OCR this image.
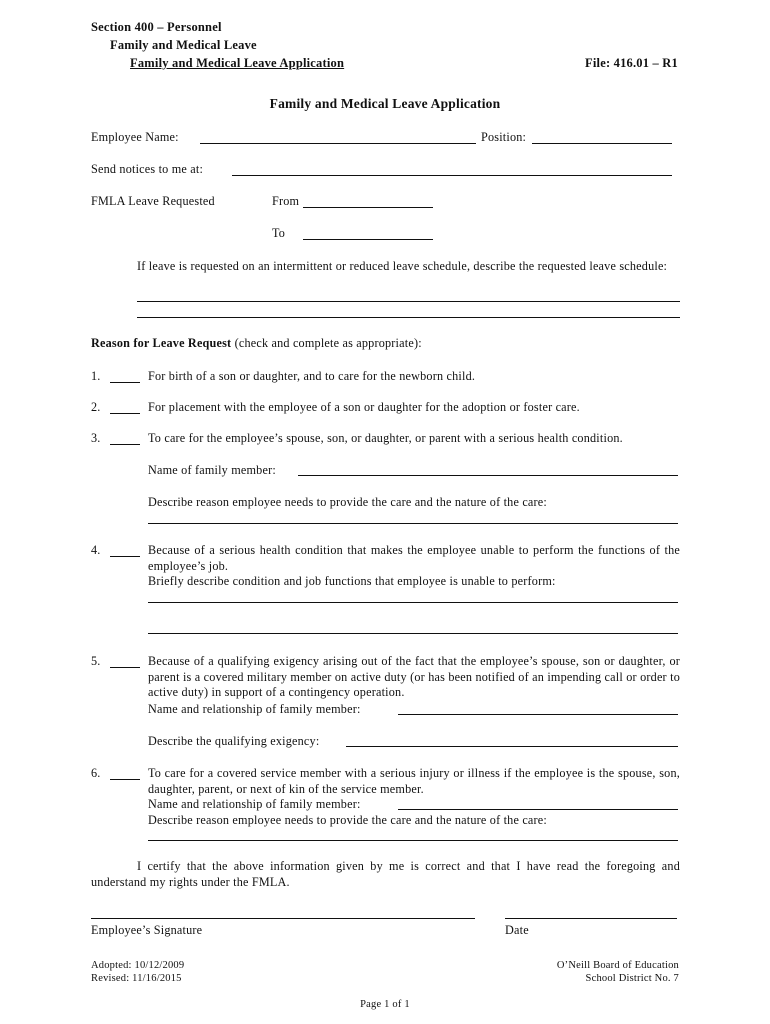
Section 400 – Personnel
Family and Medical Leave
Family and Medical Leave Application	File: 416.01 – R1
Family and Medical Leave Application
Employee Name:	Position:
Send notices to me at:
FMLA Leave Requested	From
To
If leave is requested on an intermittent or reduced leave schedule, describe the requested leave schedule:
Reason for Leave Request (check and complete as appropriate):
1.	For birth of a son or daughter, and to care for the newborn child.
2.	For placement with the employee of a son or daughter for the adoption or foster care.
3.	To care for the employee’s spouse, son, or daughter, or parent with a serious health condition.
Name of family member:
Describe reason employee needs to provide the care and the nature of the care:
4.	Because of a serious health condition that makes the employee unable to perform the functions of the employee’s job.
Briefly describe condition and job functions that employee is unable to perform:
5.	Because of a qualifying exigency arising out of the fact that the employee’s spouse, son or daughter, or parent is a covered military member on active duty (or has been notified of an impending call or order to active duty) in support of a contingency operation.
Name and relationship of family member:
Describe the qualifying exigency:
6.	To care for a covered service member with a serious injury or illness if the employee is the spouse, son, daughter, parent, or next of kin of the service member.
Name and relationship of family member:
Describe reason employee needs to provide the care and the nature of the care:
I certify that the above information given by me is correct and that I have read the foregoing and understand my rights under the FMLA.
Employee’s Signature	Date
Adopted: 10/12/2009
Revised: 11/16/2015
O’Neill Board of Education
School District No. 7
Page 1 of 1
